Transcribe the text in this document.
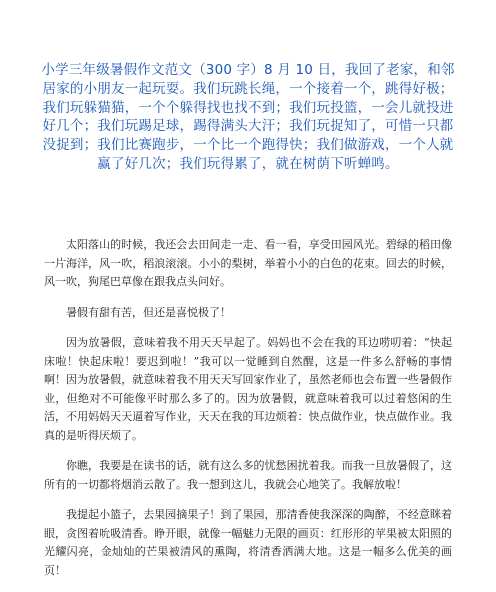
小学三年级暑假作文范文（300 字）8 月 10 日，我回了老家，和邻居家的小朋友一起玩耍。我们玩跳长绳，一个接着一个，跳得好极；我们玩躲猫猫，一个个躲得找也找不到；我们玩投篮，一会儿就投进好几个；我们玩踢足球，踢得满头大汗；我们玩捉知了，可惜一只都没捉到；我们比赛跑步，一个比一个跑得快；我们做游戏，一个人就赢了好几次；我们玩得累了，就在树荫下听蝉鸣。

太阳落山的时候，我还会去田间走一走、看一看，享受田园风光。碧绿的稻田像一片海洋，风一吹，稻浪滚滚。小小的梨树，举着小小的白色的花束。回去的时候，风一吹，狗尾巴草像在跟我点头问好。

暑假有甜有苦，但还是喜悦极了！

因为放暑假，意味着我不用天天早起了。妈妈也不会在我的耳边唠叨着：“快起床啦！快起床啦！要迟到啦！”我可以一觉睡到自然醒，这是一件多么舒畅的事情啊！因为放暑假，就意味着我不用天天写回家作业了，虽然老师也会布置一些暑假作业，但绝对不可能像平时那么多了的。因为放暑假，就意味着我可以过着悠闲的生活，不用妈妈天天逼着写作业，天天在我的耳边烦着：快点做作业，快点做作业。我真的是听得厌烦了。

你瞧，我要是在读书的话，就有这么多的忧愁困扰着我。而我一旦放暑假了，这所有的一切都将烟消云散了。我一想到这儿，我就会心地笑了。我解放啦！

我提起小篮子，去果园摘果子！到了果园，那清香使我深深的陶醉，不经意眯着眼，贪图着吮吸清香。睁开眼，就像一幅魅力无限的画页：红形形的苹果被太阳照的光耀闪亮，金灿灿的芒果被清风的熏陶，将清香洒满大地。这是一幅多么优美的画页！
